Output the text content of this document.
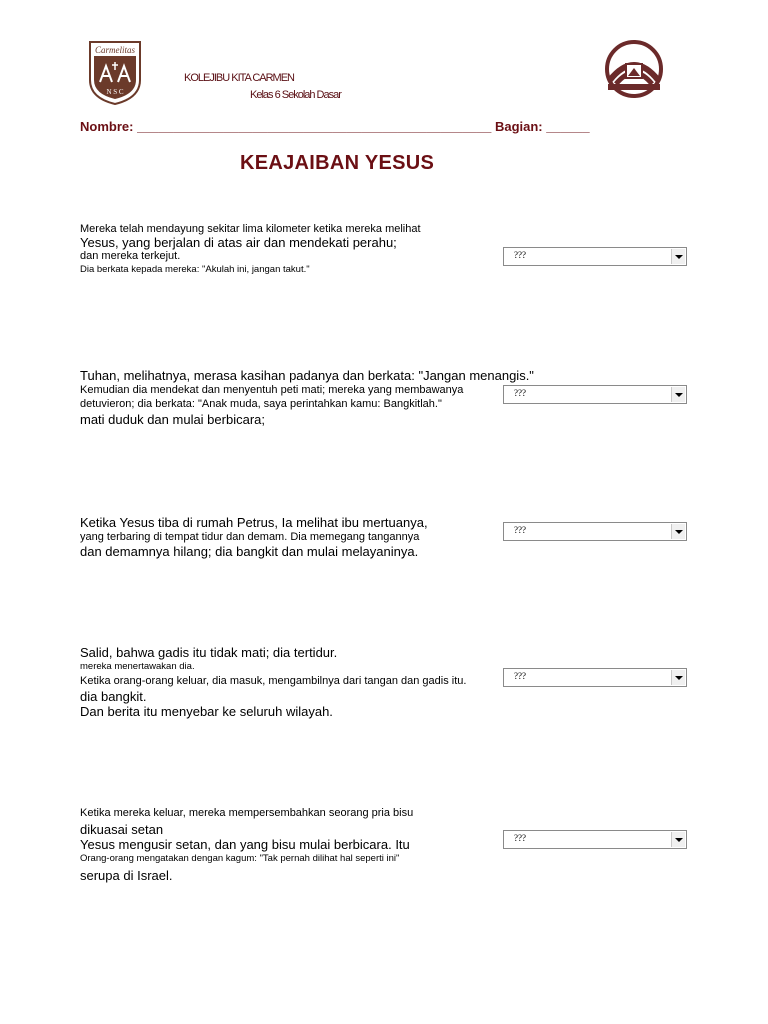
Carmelitas
N S C
KOLEJIBU KITA CARMEN
Kelas 6 Sekolah Dasar
Nombre: _________________________________________________ Bagian: ______
KEAJAIBAN YESUS
Mereka telah mendayung sekitar lima kilometer ketika mereka melihat
Yesus, yang berjalan di atas air dan mendekati perahu;
dan mereka terkejut.
Dia berkata kepada mereka: "Akulah ini, jangan takut."
???
Tuhan, melihatnya, merasa kasihan padanya dan berkata: "Jangan menangis."
Kemudian dia mendekat dan menyentuh peti mati; mereka yang membawanya
detuvieron; dia berkata: "Anak muda, saya perintahkan kamu: Bangkitlah."
mati duduk dan mulai berbicara;
???
Ketika Yesus tiba di rumah Petrus, Ia melihat ibu mertuanya,
yang terbaring di tempat tidur dan demam. Dia memegang tangannya
dan demamnya hilang; dia bangkit dan mulai melayaninya.
???
Salid, bahwa gadis itu tidak mati; dia tertidur.
mereka menertawakan dia.
Ketika orang-orang keluar, dia masuk, mengambilnya dari tangan dan gadis itu.
dia bangkit.
Dan berita itu menyebar ke seluruh wilayah.
???
Ketika mereka keluar, mereka mempersembahkan seorang pria bisu
dikuasai setan
Yesus mengusir setan, dan yang bisu mulai berbicara. Itu
Orang-orang mengatakan dengan kagum: "Tak pernah dilihat hal seperti ini"
serupa di Israel.
???
